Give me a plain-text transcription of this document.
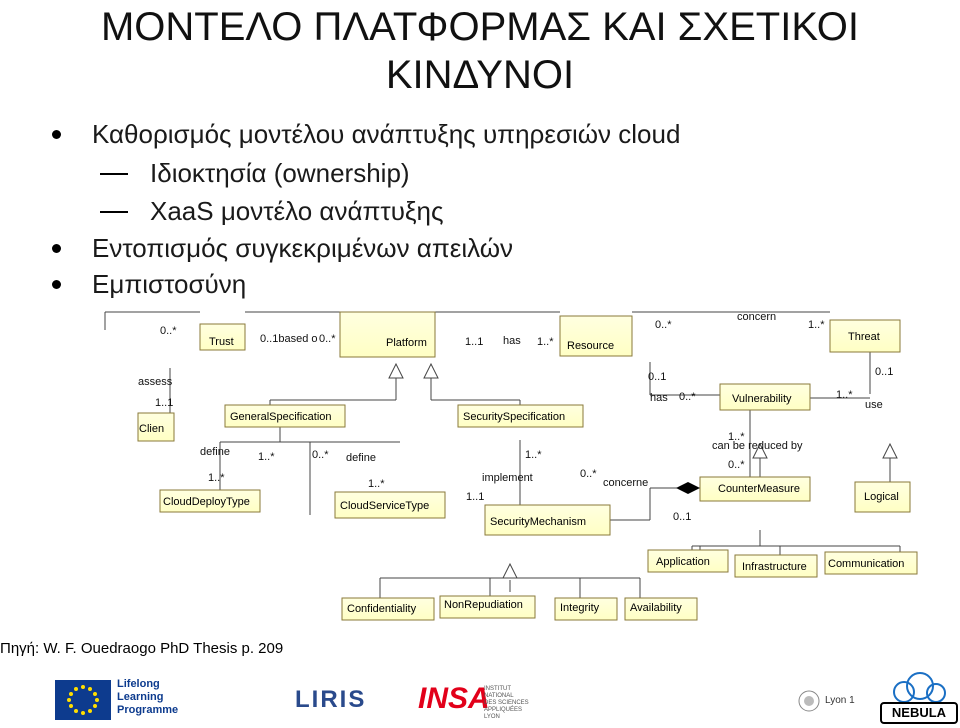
ΜΟΝΤΕΛΟ ΠΛΑΤΦΟΡΜΑΣ ΚΑΙ ΣΧΕΤΙΚΟΙ
ΚΙΝΔΥΝΟΙ
Καθορισμός μοντέλου ανάπτυξης υπηρεσιών cloud
Ιδιοκτησία (ownership)
XaaS μοντέλο ανάπτυξης
Εντοπισμός συγκεκριμένων απειλών
Εμπιστοσύνη
Trust	Platform	Resource
Threat
Clien
GeneralSpecification	SecuritySpecification
Vulnerability
CloudDeployType	CloudServiceType
SecurityMechanism
CounterMeasure
Logical
Application	Infrastructure Communication
Confidentiality	NonRepudiation	Integrity	Availability
0..*
0..1based o 0..*	1..1 has 1..*
0..*
concern
1..*
assess
1..1
define	1..*	0..* define
1..*	1..*	implement
1..*
1..1
0..1
has 0..*
0..*
concerne
0..1
1..*
can be reduced by
0..*
0..1
1..*
use
Πηγή: W. F. Ouedraogo PhD Thesis p. 209
Lifelong
Learning
Programme	LIRIS	INSA
INSTITUT NATIONAL
DES SCIENCES
APPLIQUÉES
LYON
Lyon 1
NEBULA
